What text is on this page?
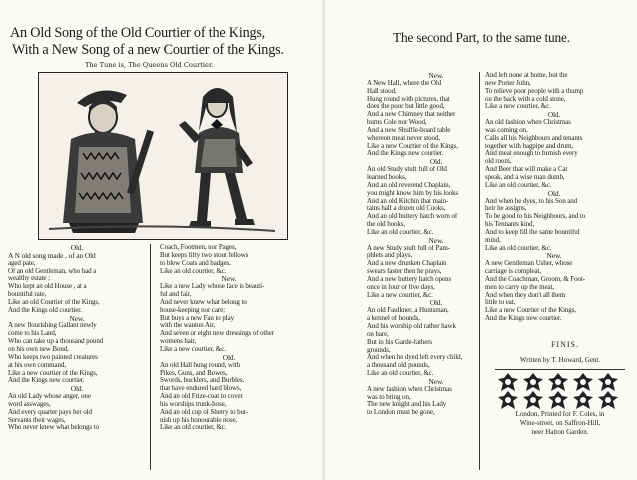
An Old Song of the Old Courtier of the Kings,
With a New Song of a new Courtier of the Kings.
The Tune is, The Queens Old Courtier.
Old.
A N old song made , of an Old
aged pate,
Of an old Gentleman, who had a
wealthy estate ;
Who kept an old House , at a
bountiful rate,
Like an old Courtier of the Kings,
And the Kings old courtier.
New.
A new flourishing Gallant newly
come to his Land,
Who can take up a thousand pound
on his own new Bond,
Who keeps two painted creatures
at his own command,
Like a new courtier of the Kings,
And the Kings new courtier.
Old.
An old Lady whose anger, one
word asswages,
And every quarter pays her old
Servants their wages,
Who never knew what belongs to
Coach, Footmen, nor Pages,
But keeps fifty two stout fellows
to blew Coats and badges,
Like an old courtier, &c.
New.
Like a new Lady whose face is beauti-
ful and fair,
And never knew what belong to
house-keeping nor care;
But buys a new Fan to play
with the wanton Air,
And seven or eight new dressings of other
womens hair,
Like a new courtier, &c.
Old.
An old Hall hung round, with
Pikes, Guns, and Bowes,
Swords, bucklers, and Burbles,
that have endured hard blows,
And an old Frize-coat to cover
his worships trunk-hose,
And an old cup of Sherry to bur-
nish up his honourable nose,
Like an old courtier, &c.
The second Part, to the same tune.
New.
A New Hall, where the Old
Hall stood,
Hung round with pictures, that
does the poor but little good,
And a new Chimney that neither
burns Cole nor Wood,
And a new Shuffle-board table
whereon meat never stood,
Like a new Courtier of the Kings,
And the Kings new courtier.
Old.
An old Study stuft full of Old
learned books,
And an old reverend Chaplain,
you might know him by his looks
And an old Kitchin that main-
tains half a dozen old Cooks,
And an old buttery hatch worn of
the old hooks,
Like an old courtier, &c.
New.
A new Study stuft full of Pam-
phlets and plays,
And a new drunken Chaplain
swears faster then he prays,
And a new buttery hatch opens
once in four or five days,
Like a new courtier, &c.
Old.
An old Faulkner, a Huntsman,
a kennel of hounds,
And his worship old rather hawk
on bare,
But in his Garde-fathers
grounds,
And when he dyed left every child,
a thousand old pounds,
Like an old courtier, &c.
New.
A new fashion when Christmas
was to bring on,
The new knight and his Lady
to London must be gone,
And left none at home, but the
new Porter John,
To relieve poor people with a thump
on the back with a cold stone,
Like a new courtier, &c.
Old.
An old fashion when Christmas
was coming on,
Calls all his Neighbours and tenants
together with bagpipe and drum,
And meat enough to furnish every
old room,
And Beer that will make a Cat
speak, and a wise man dumb,
Like an old courtier, &c.
Old.
And when he dyes, to his Son and
heir he assigns,
To be good to his Neighbours, and to
his Tennants kind,
And to keep fill the same bountiful
mind,
Like an old courtier, &c.
New.
A new Gentleman Usher, whose
carriage is compleat,
And the Coachman, Groom, & Foot-
men to carry up the meat,
And when they don't all them
little to eat,
Like a new Courtier of the Kings,
And the Kings new courtier.
FINIS.
Written by T. Howard, Gent.
London, Printed for F. Coles, in
Wine-street, on Saffron-Hill,
neer Hatton Garden.
